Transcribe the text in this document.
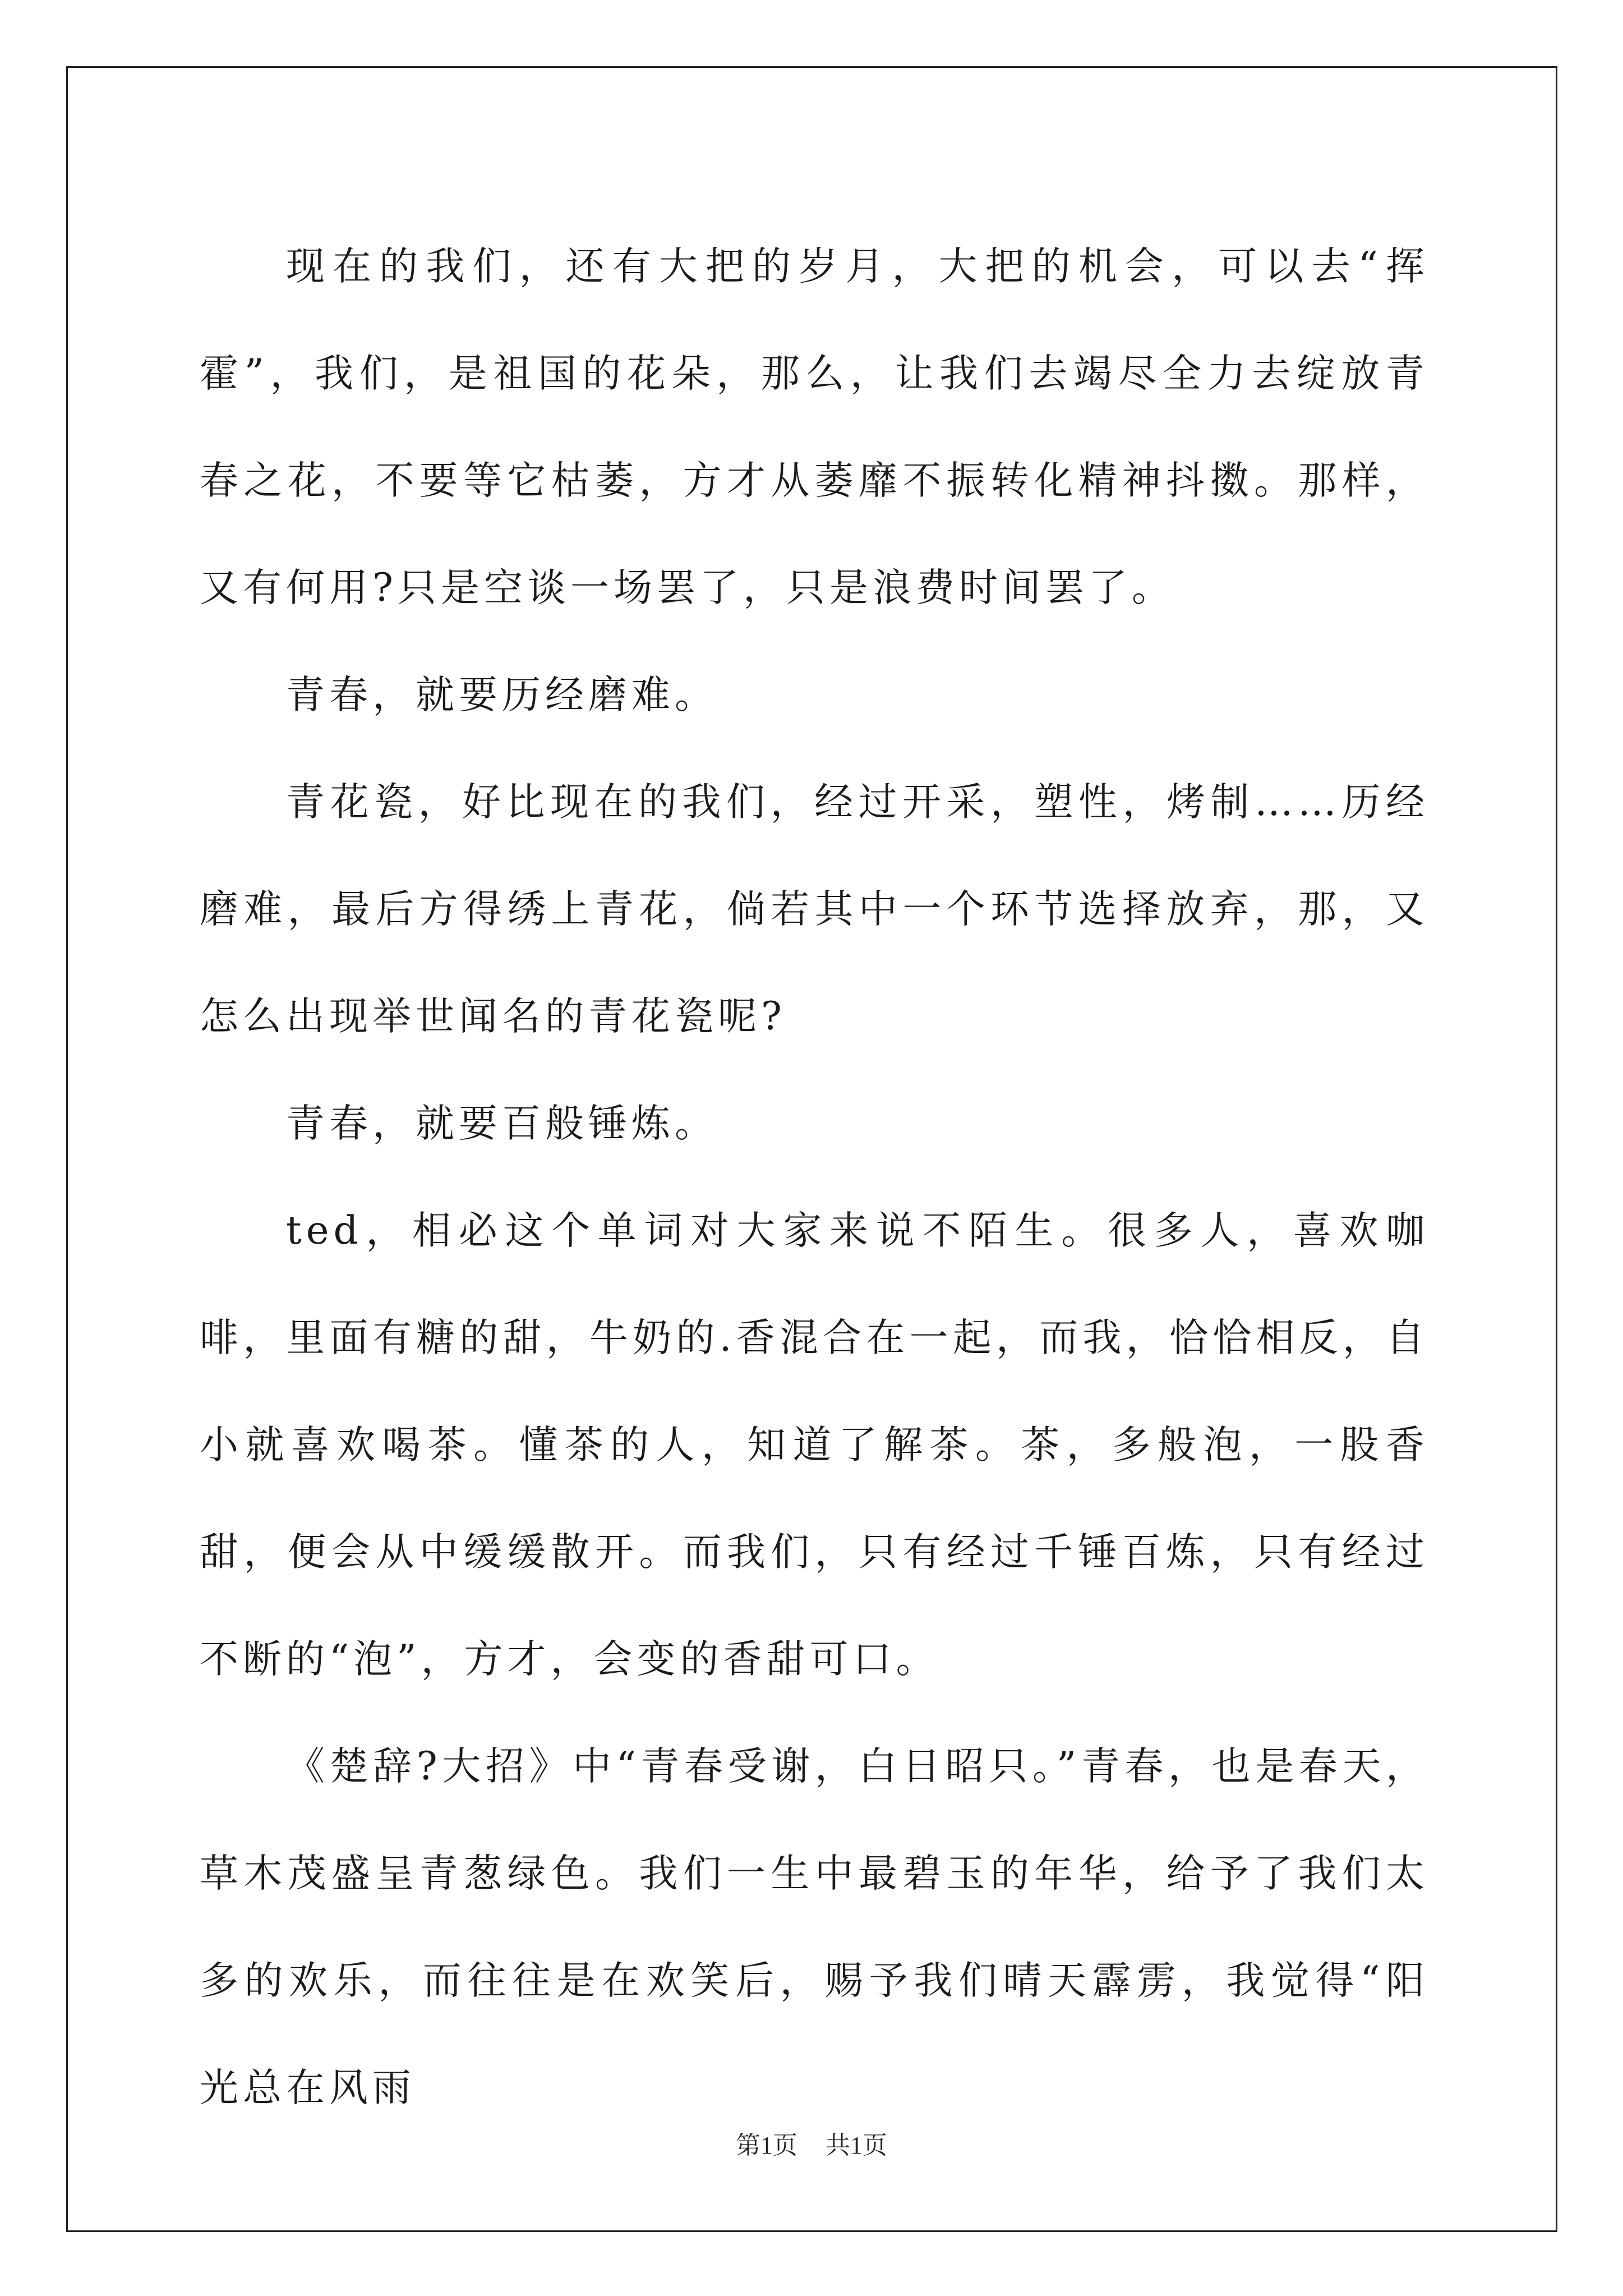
现在的我们，还有大把的岁月，大把的机会，可以去“挥霍”，我们，是祖国的花朵，那么，让我们去竭尽全力去绽放青春之花，不要等它枯萎，方才从萎靡不振转化精神抖擞。那样，又有何用?只是空谈一场罢了，只是浪费时间罢了。

青春，就要历经磨难。

青花瓷，好比现在的我们，经过开采，塑性，烤制……历经磨难，最后方得绣上青花，倘若其中一个环节选择放弃，那，又怎么出现举世闻名的青花瓷呢?

青春，就要百般锤炼。

ted，相必这个单词对大家来说不陌生。很多人，喜欢咖啡，里面有糖的甜，牛奶的.香混合在一起，而我，恰恰相反，自小就喜欢喝茶。懂茶的人，知道了解茶。茶，多般泡，一股香甜，便会从中缓缓散开。而我们，只有经过千锤百炼，只有经过不断的“泡”，方才，会变的香甜可口。

《楚辞?大招》中“青春受谢，白日昭只。”青春，也是春天，草木茂盛呈青葱绿色。我们一生中最碧玉的年华，给予了我们太多的欢乐，而往往是在欢笑后，赐予我们晴天霹雳，我觉得“阳光总在风雨

第1页 共1页
